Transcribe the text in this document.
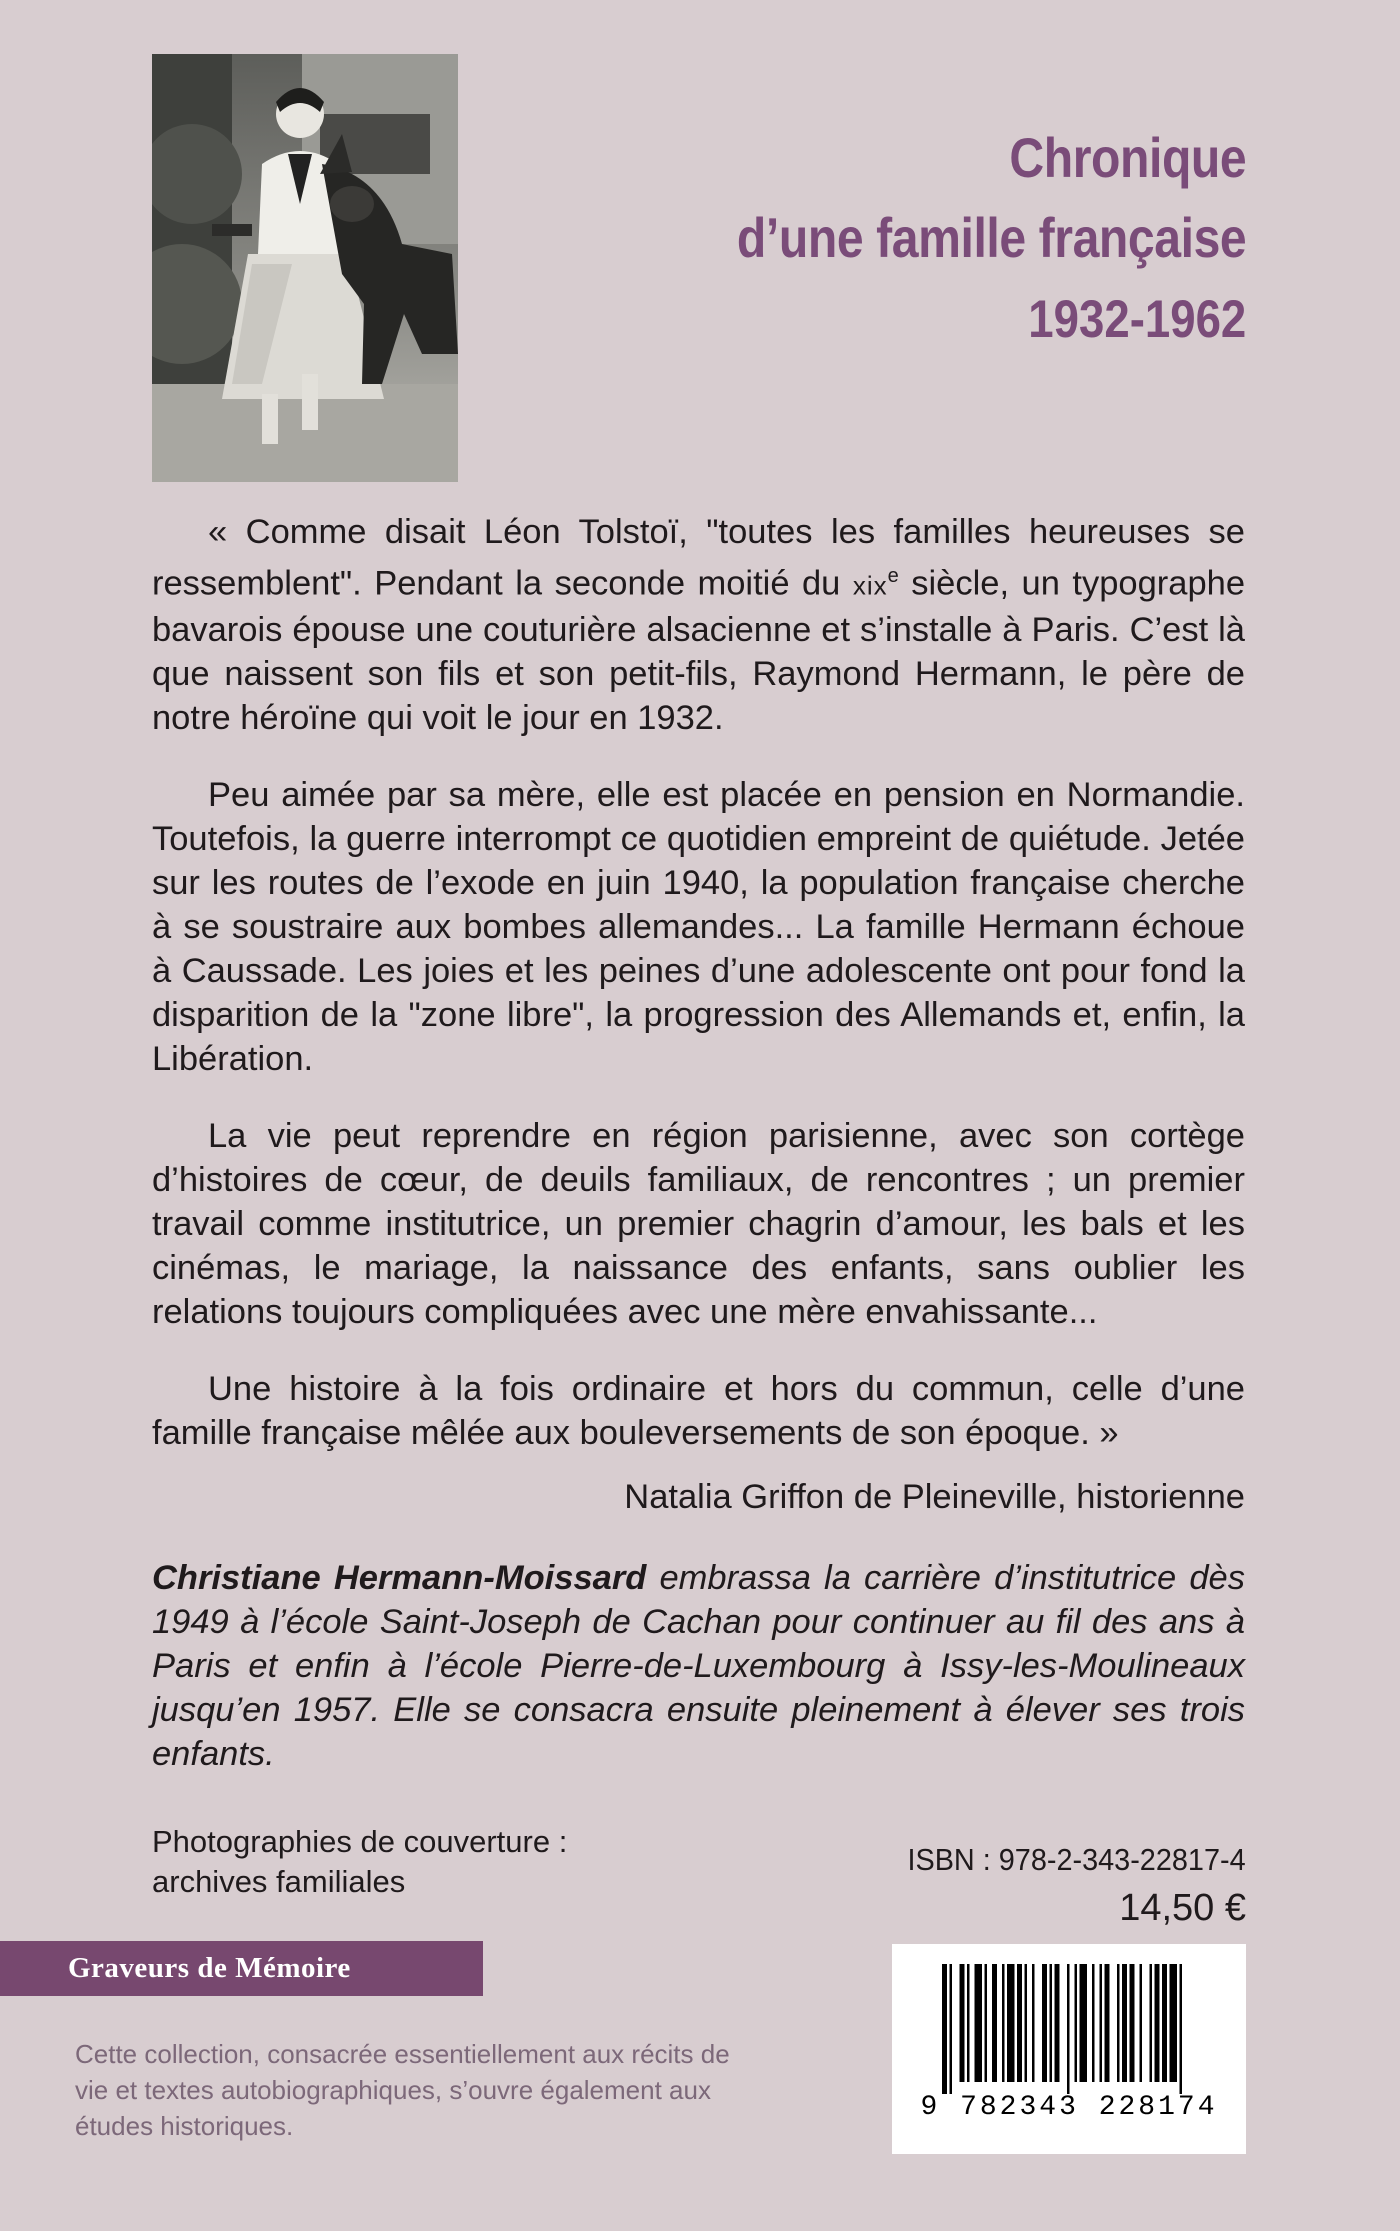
Chronique
d’une famille française
1932-1962

« Comme disait Léon Tolstoï, "toutes les familles heureuses se ressemblent". Pendant la seconde moitié du xix$^e$ siècle, un typographe bavarois épouse une couturière alsacienne et s’installe à Paris. C’est là que naissent son fils et son petit-fils, Raymond Hermann, le père de notre héroïne qui voit le jour en 1932.

Peu aimée par sa mère, elle est placée en pension en Normandie. Toutefois, la guerre interrompt ce quotidien empreint de quiétude. Jetée sur les routes de l’exode en juin 1940, la population française cherche à se soustraire aux bombes allemandes... La famille Hermann échoue à Caussade. Les joies et les peines d’une adolescente ont pour fond la disparition de la "zone libre", la progression des Allemands et, enfin, la Libération.

La vie peut reprendre en région parisienne, avec son cortège d’histoires de cœur, de deuils familiaux, de rencontres ; un premier travail comme institutrice, un premier chagrin d’amour, les bals et les cinémas, le mariage, la naissance des enfants, sans oublier les relations toujours compliquées avec une mère envahissante...

Une histoire à la fois ordinaire et hors du commun, celle d’une famille française mêlée aux bouleversements de son époque. »

Natalia Griffon de Pleineville, historienne
Christiane Hermann-Moissard embrassa la carrière d’institutrice dès 1949 à l’école Saint-Joseph de Cachan pour continuer au fil des ans à Paris et enfin à l’école Pierre-de-Luxembourg à Issy-les-Moulineaux jusqu’en 1957. Elle se consacra ensuite pleinement à élever ses trois enfants.
Photographies de couverture :
archives familiales
ISBN : 978-2-343-22817-4
14,50 €
Graveurs de Mémoire
Cette collection, consacrée essentiellement aux récits de vie et textes autobiographiques, s’ouvre également aux études historiques.
9 782343 228174
